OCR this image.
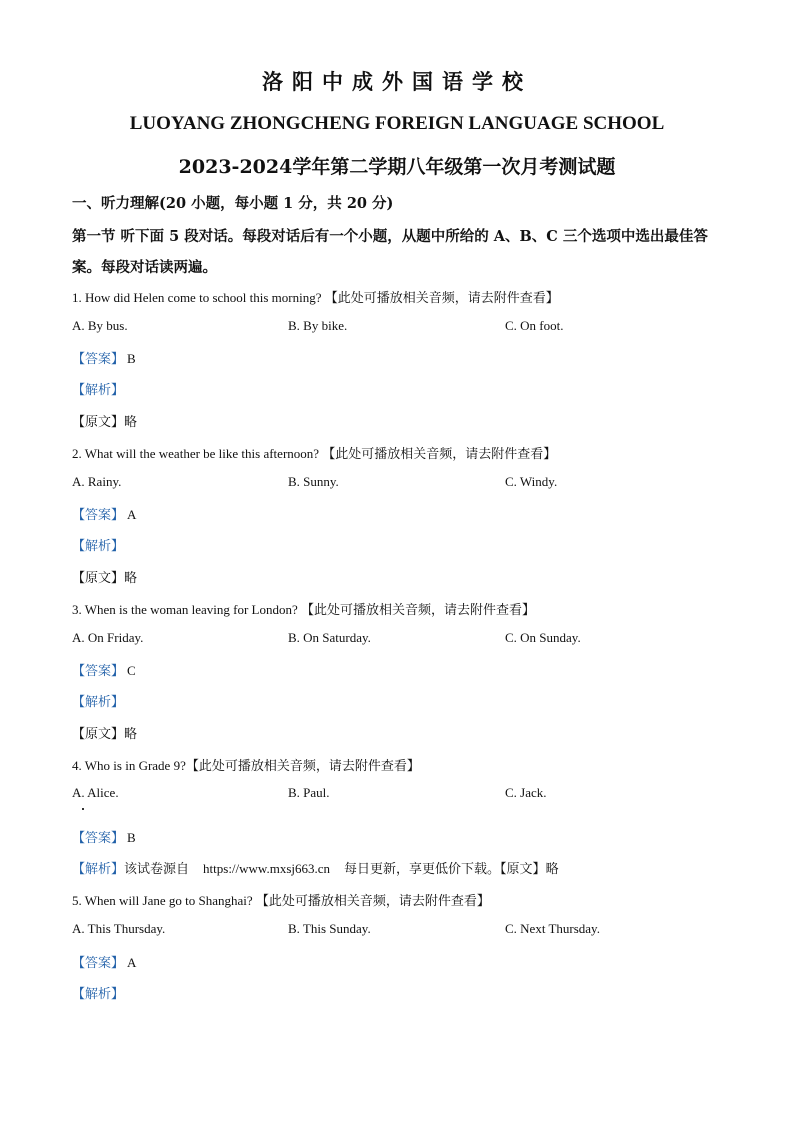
洛阳中成外国语学校
LUOYANG ZHONGCHENG FOREIGN LANGUAGE SCHOOL
2023-2024学年第二学期八年级第一次月考测试题
一、听力理解(20 小题，每小题 1 分，共 20 分)
第一节 听下面 5 段对话。每段对话后有一个小题，从题中所给的 A、B、C 三个选项中选出最佳答案。每段对话读两遍。
1. How did Helen come to school this morning? 【此处可播放相关音频，请去附件查看】
A. By bus.	B. By bike.	C. On foot.
【答案】 B
【解析】
【原文】略
2. What will the weather be like this afternoon? 【此处可播放相关音频，请去附件查看】
A. Rainy.	B. Sunny.	C. Windy.
【答案】 A
【解析】
【原文】略
3. When is the woman leaving for London? 【此处可播放相关音频，请去附件查看】
A. On Friday.	B. On Saturday.	C. On Sunday.
【答案】 C
【解析】
【原文】略
4. Who is in Grade 9?【此处可播放相关音频，请去附件查看】
A. Alice.	B. Paul.	C. Jack.
【答案】 B
【解析】该试卷源自 https://www.mxsj663.cn 每日更新，享更低价下载。【原文】略
5. When will Jane go to Shanghai? 【此处可播放相关音频，请去附件查看】
A. This Thursday.	B. This Sunday.	C. Next Thursday.
【答案】 A
【解析】
